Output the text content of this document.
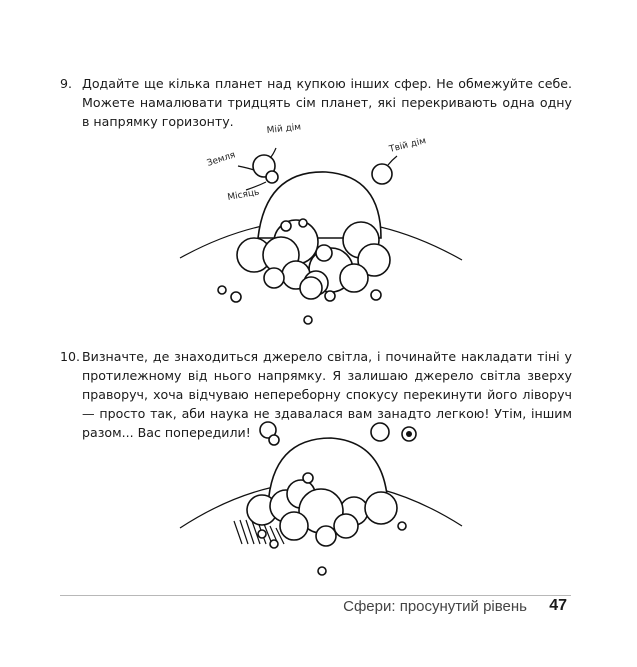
9. Додайте ще кілька планет над купкою інших сфер. Не обмежуйте себе. Можете намалювати тридцять сім планет, які перекривають одна одну в напрямку горизонту.
Мій дім
Земля
Місяць
Твій дім
10. Визначте, де знаходиться джерело світла, і починайте накладати тіні у протилежному від нього напрямку. Я залишаю джерело світла зверху праворуч, хоча відчуваю непереборну спокусу перекинути його ліворуч — просто так, аби наука не здавалася вам занадто легкою! Утім, іншим разом... Вас попередили!
Сфери: просунутий рівень 47
